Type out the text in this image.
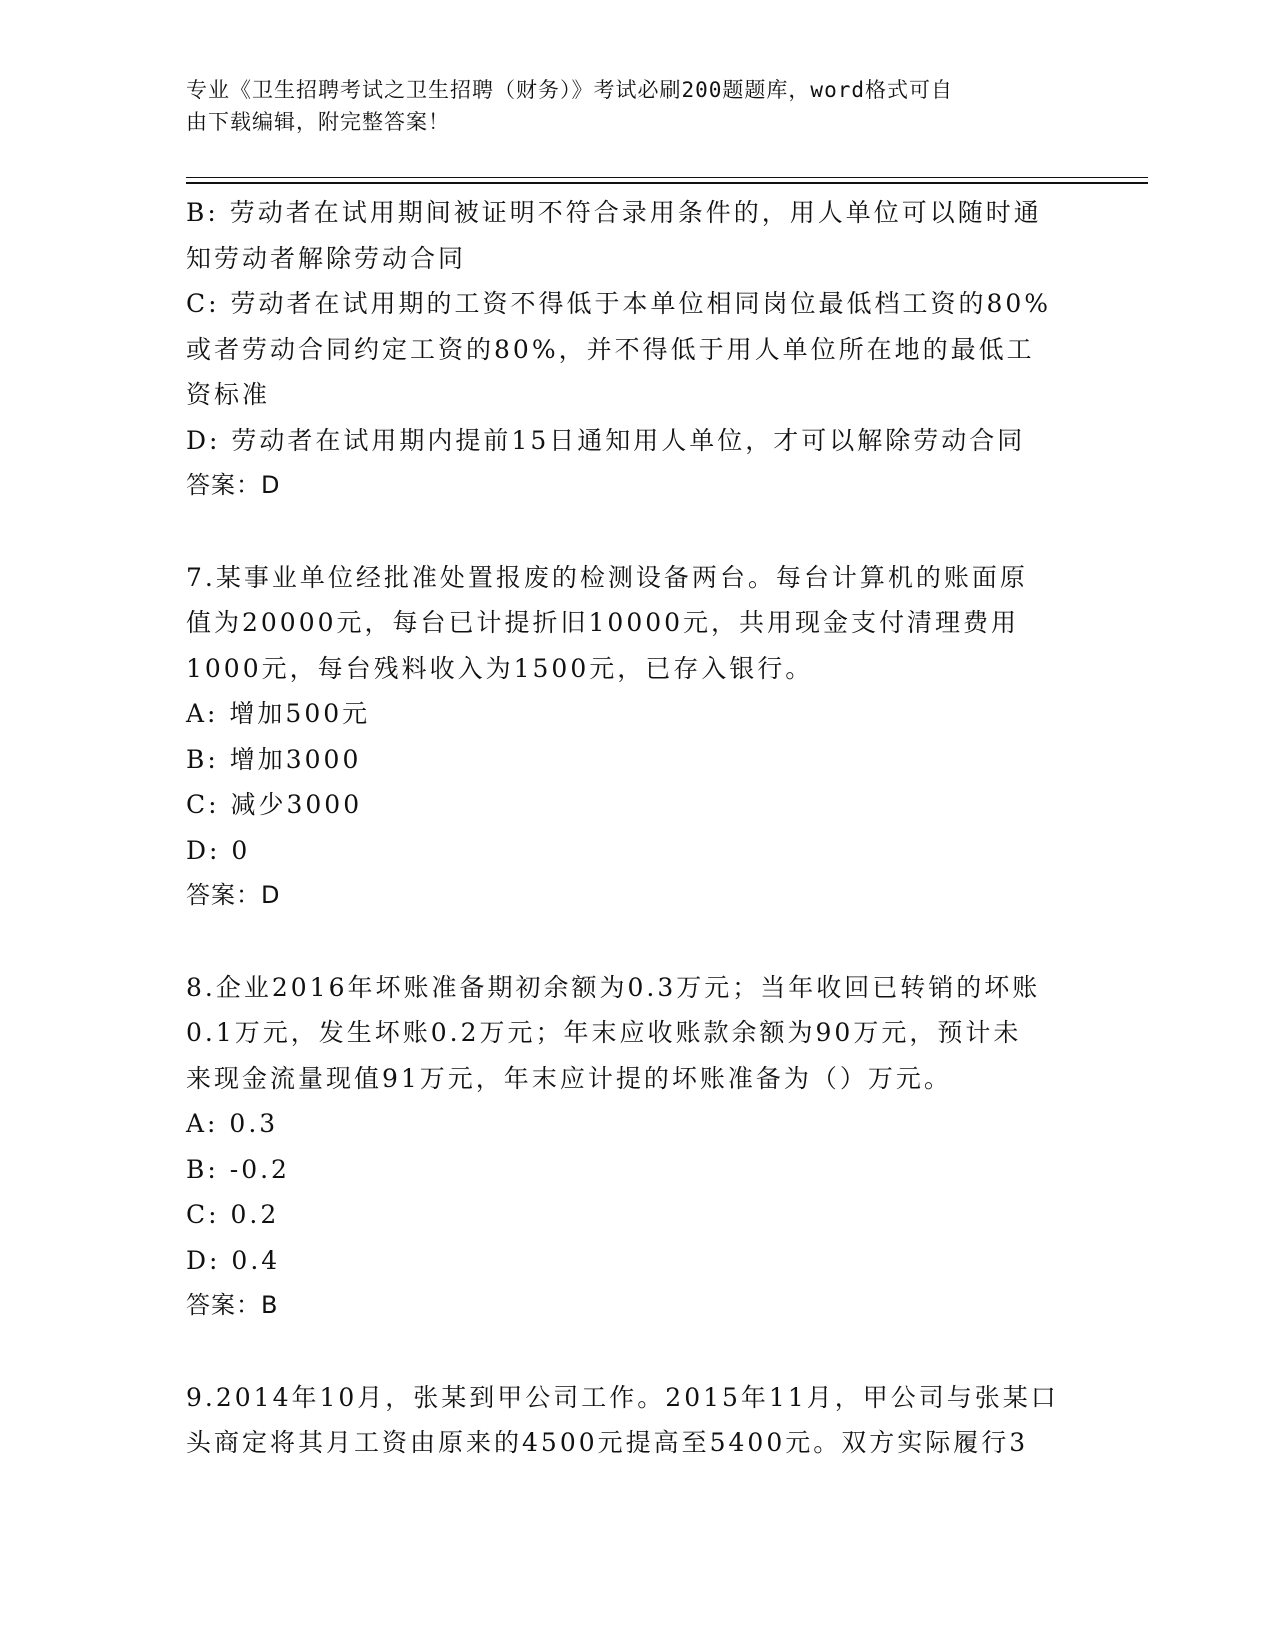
专业《卫生招聘考试之卫生招聘（财务）》考试必刷200题题库，word格式可自
由下载编辑，附完整答案！
B: 劳动者在试用期间被证明不符合录用条件的，用人单位可以随时通
知劳动者解除劳动合同
C: 劳动者在试用期的工资不得低于本单位相同岗位最低档工资的80%
或者劳动合同约定工资的80%，并不得低于用人单位所在地的最低工
资标准
D: 劳动者在试用期内提前15日通知用人单位，才可以解除劳动合同
答案：D
7.某事业单位经批准处置报废的检测设备两台。每台计算机的账面原
值为20000元，每台已计提折旧10000元，共用现金支付清理费用
1000元，每台残料收入为1500元，已存入银行。
A: 增加500元
B: 增加3000
C: 减少3000
D: 0
答案：D
8.企业2016年坏账准备期初余额为0.3万元；当年收回已转销的坏账
0.1万元，发生坏账0.2万元；年末应收账款余额为90万元，预计未
来现金流量现值91万元，年末应计提的坏账准备为（）万元。
A: 0.3
B: -0.2
C: 0.2
D: 0.4
答案：B
9.2014年10月，张某到甲公司工作。2015年11月，甲公司与张某口
头商定将其月工资由原来的4500元提高至5400元。双方实际履行3
